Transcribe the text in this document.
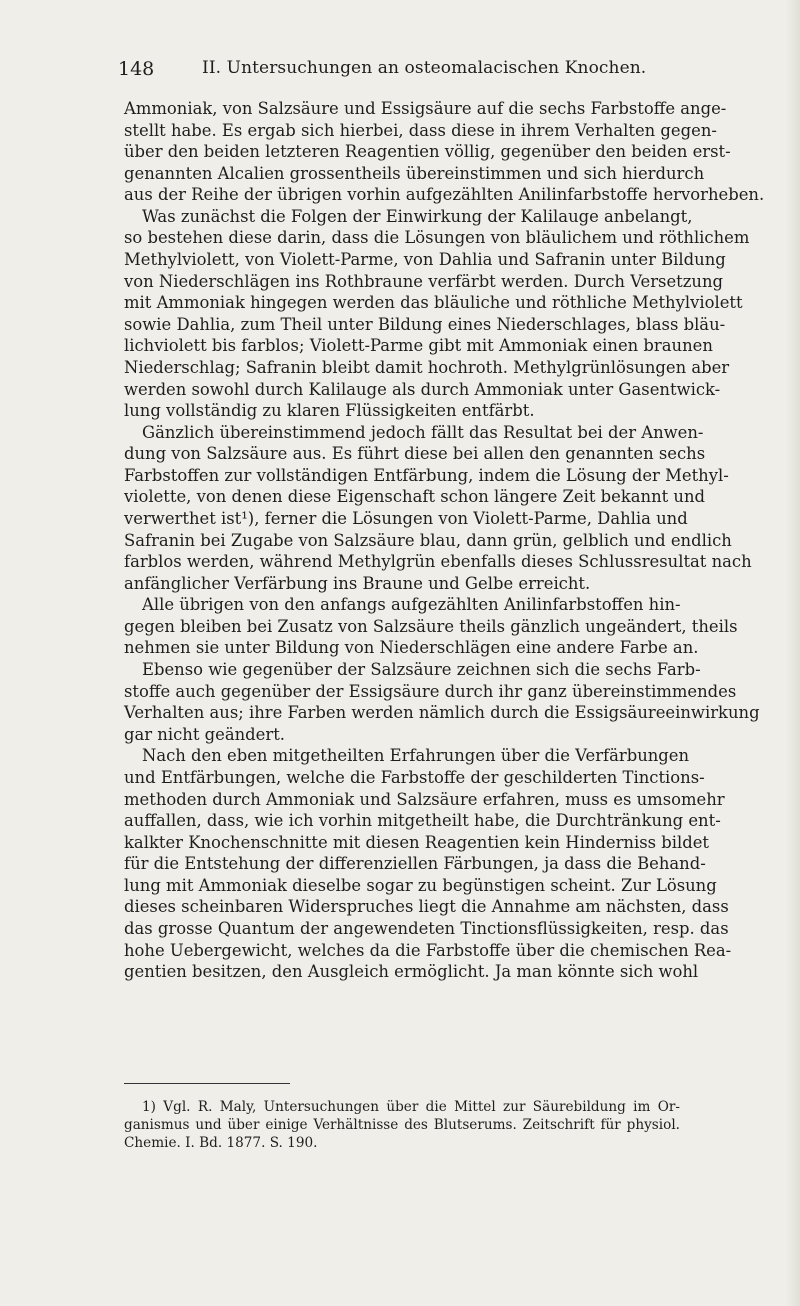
148	II. Untersuchungen an osteomalacischen Knochen.
Ammoniak, von Salzsäure und Essigsäure auf die sechs Farbstoffe ange-
stellt habe. Es ergab sich hierbei, dass diese in ihrem Verhalten gegen-
über den beiden letzteren Reagentien völlig, gegenüber den beiden erst-
genannten Alcalien grossentheils übereinstimmen und sich hierdurch
aus der Reihe der übrigen vorhin aufgezählten Anilinfarbstoffe hervorheben.
Was zunächst die Folgen der Einwirkung der Kalilauge anbelangt,
so bestehen diese darin, dass die Lösungen von bläulichem und röthlichem
Methylviolett, von Violett-Parme, von Dahlia und Safranin unter Bildung
von Niederschlägen ins Rothbraune verfärbt werden. Durch Versetzung
mit Ammoniak hingegen werden das bläuliche und röthliche Methylviolett
sowie Dahlia, zum Theil unter Bildung eines Niederschlages, blass bläu-
lichviolett bis farblos; Violett-Parme gibt mit Ammoniak einen braunen
Niederschlag; Safranin bleibt damit hochroth. Methylgrünlösungen aber
werden sowohl durch Kalilauge als durch Ammoniak unter Gasentwick-
lung vollständig zu klaren Flüssigkeiten entfärbt.
Gänzlich übereinstimmend jedoch fällt das Resultat bei der Anwen-
dung von Salzsäure aus. Es führt diese bei allen den genannten sechs
Farbstoffen zur vollständigen Entfärbung, indem die Lösung der Methyl-
violette, von denen diese Eigenschaft schon längere Zeit bekannt und
verwerthet ist¹), ferner die Lösungen von Violett-Parme, Dahlia und
Safranin bei Zugabe von Salzsäure blau, dann grün, gelblich und endlich
farblos werden, während Methylgrün ebenfalls dieses Schlussresultat nach
anfänglicher Verfärbung ins Braune und Gelbe erreicht.
Alle übrigen von den anfangs aufgezählten Anilinfarbstoffen hin-
gegen bleiben bei Zusatz von Salzsäure theils gänzlich ungeändert, theils
nehmen sie unter Bildung von Niederschlägen eine andere Farbe an.
Ebenso wie gegenüber der Salzsäure zeichnen sich die sechs Farb-
stoffe auch gegenüber der Essigsäure durch ihr ganz übereinstimmendes
Verhalten aus; ihre Farben werden nämlich durch die Essigsäureeinwirkung
gar nicht geändert.
Nach den eben mitgetheilten Erfahrungen über die Verfärbungen
und Entfärbungen, welche die Farbstoffe der geschilderten Tinctions-
methoden durch Ammoniak und Salzsäure erfahren, muss es umsomehr
auffallen, dass, wie ich vorhin mitgetheilt habe, die Durchtränkung ent-
kalkter Knochenschnitte mit diesen Reagentien kein Hinderniss bildet
für die Entstehung der differenziellen Färbungen, ja dass die Behand-
lung mit Ammoniak dieselbe sogar zu begünstigen scheint. Zur Lösung
dieses scheinbaren Widerspruches liegt die Annahme am nächsten, dass
das grosse Quantum der angewendeten Tinctionsflüssigkeiten, resp. das
hohe Uebergewicht, welches da die Farbstoffe über die chemischen Rea-
gentien besitzen, den Ausgleich ermöglicht. Ja man könnte sich wohl
1) Vgl. R. Maly, Untersuchungen über die Mittel zur Säurebildung im Or-
ganismus und über einige Verhältnisse des Blutserums. Zeitschrift für physiol.
Chemie. I. Bd. 1877. S. 190.
